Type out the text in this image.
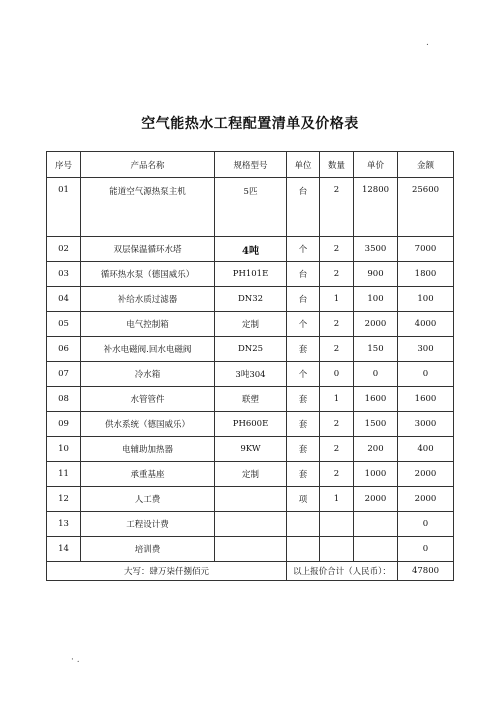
.
空气能热水工程配置清单及价格表
序号	产品名称	规格型号	单位	数量	单价	金额
01	能道空气源热泵主机	5匹	台	2	12800	25600
02	双层保温循环水塔	4吨	个	2	3500	7000
03	循环热水泵（德国威乐）	PH101E	台	2	900	1800
04	补给水质过滤器	DN32	台	1	100	100
05	电气控制箱	定制	个	2	2000	4000
06	补水电磁阀.回水电磁阀	DN25	套	2	150	300
07	冷水箱	3吨304	个	0	0	0
08	水管管件	联塑	套	1	1600	1600
09	供水系统（德国威乐）	PH600E	套	2	1500	3000
10	电辅助加热器	9KW	套	2	200	400
11	承重基座	定制	套	2	1000	2000
12	人工费		项	1	2000	2000
13	工程设计费					0
14	培训费					0
大写：肆万柒仟捌佰元			以上报价合计（人民币）：			47800
· .
